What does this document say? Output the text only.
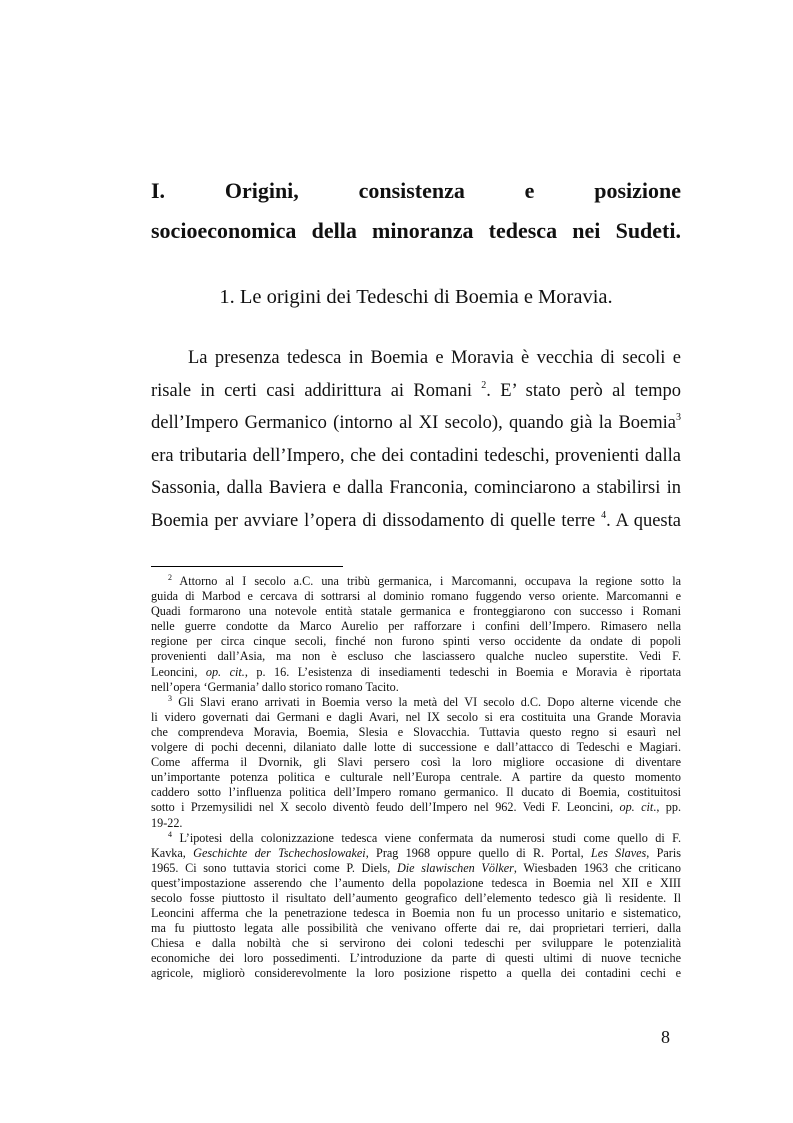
I. Origini, consistenza e posizione
socioeconomica della minoranza tedesca nei Sudeti.
1. Le origini dei Tedeschi di Boemia e Moravia.
La presenza tedesca in Boemia e Moravia è vecchia di secoli e
risale in certi casi addirittura ai Romani $^2$. E’ stato però al tempo
dell’Impero Germanico (intorno al XI secolo), quando già la Boemia$^3$
era tributaria dell’Impero, che dei contadini tedeschi, provenienti dalla
Sassonia, dalla Baviera e dalla Franconia, cominciarono a stabilirsi in
Boemia per avviare l’opera di dissodamento di quelle terre $^4$. A questa
$^2$ Attorno al I secolo a.C. una tribù germanica, i Marcomanni, occupava la regione sotto la
guida di Marbod e cercava di sottrarsi al dominio romano fuggendo verso oriente. Marcomanni e
Quadi formarono una notevole entità statale germanica e fronteggiarono con successo i Romani
nelle guerre condotte da Marco Aurelio per rafforzare i confini dell’Impero. Rimasero nella
regione per circa cinque secoli, finché non furono spinti verso occidente da ondate di popoli
provenienti dall’Asia, ma non è escluso che lasciassero qualche nucleo superstite. Vedi F.
Leoncini, op. cit., p. 16. L’esistenza di insediamenti tedeschi in Boemia e Moravia è riportata
nell’opera ‘Germania’ dallo storico romano Tacito.
$^3$ Gli Slavi erano arrivati in Boemia verso la metà del VI secolo d.C. Dopo alterne vicende che
li videro governati dai Germani e dagli Avari, nel IX secolo si era costituita una Grande Moravia
che comprendeva Moravia, Boemia, Slesia e Slovacchia. Tuttavia questo regno si esaurì nel
volgere di pochi decenni, dilaniato dalle lotte di successione e dall’attacco di Tedeschi e Magiari.
Come afferma il Dvornik, gli Slavi persero così la loro migliore occasione di diventare
un’importante potenza politica e culturale nell’Europa centrale. A partire da questo momento
caddero sotto l’influenza politica dell’Impero romano germanico. Il ducato di Boemia, costituitosi
sotto i Przemysilidi nel X secolo diventò feudo dell’Impero nel 962. Vedi F. Leoncini, op. cit., pp.
19-22.
$^4$ L’ipotesi della colonizzazione tedesca viene confermata da numerosi studi come quello di F.
Kavka, Geschichte der Tschechoslowakei, Prag 1968 oppure quello di R. Portal, Les Slaves, Paris
1965. Ci sono tuttavia storici come P. Diels, Die slawischen Völker, Wiesbaden 1963 che criticano
quest’impostazione asserendo che l’aumento della popolazione tedesca in Boemia nel XII e XIII
secolo fosse piuttosto il risultato dell’aumento geografico dell’elemento tedesco già lì residente. Il
Leoncini afferma che la penetrazione tedesca in Boemia non fu un processo unitario e sistematico,
ma fu piuttosto legata alle possibilità che venivano offerte dai re, dai proprietari terrieri, dalla
Chiesa e dalla nobiltà che si servirono dei coloni tedeschi per sviluppare le potenzialità
economiche dei loro possedimenti. L’introduzione da parte di questi ultimi di nuove tecniche
agricole, migliorò considerevolmente la loro posizione rispetto a quella dei contadini cechi e
8
